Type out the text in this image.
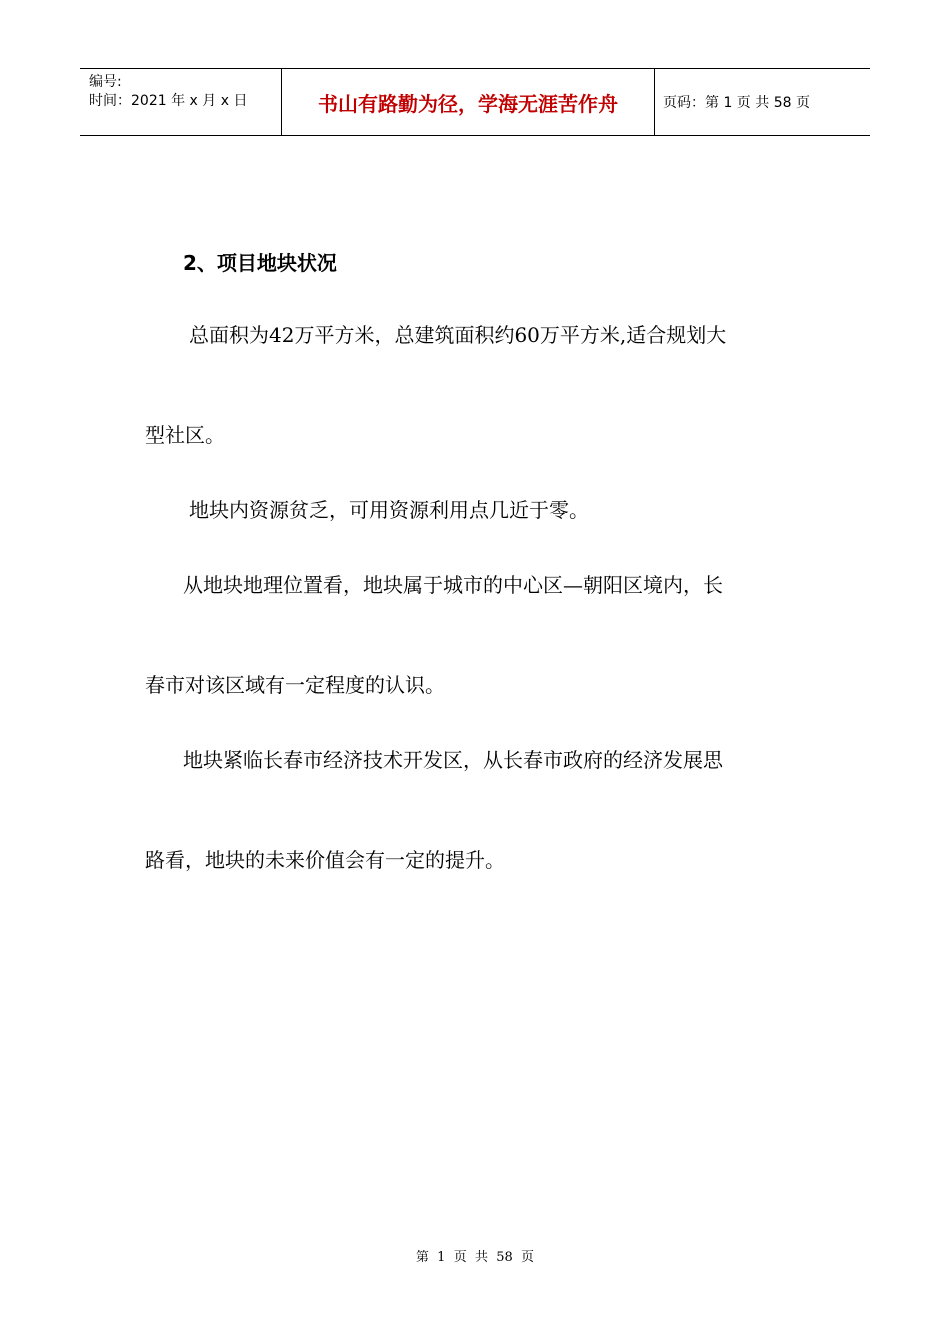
编号:
时间：2021 年 x 月 x 日	书山有路勤为径，学海无涯苦作舟	页码：第 1 页 共 58 页
2、项目地块状况
总面积为42万平方米，总建筑面积约60万平方米,适合规划大
型社区。
地块内资源贫乏，可用资源利用点几近于零。
从地块地理位置看，地块属于城市的中心区—朝阳区境内，长
春市对该区域有一定程度的认识。
地块紧临长春市经济技术开发区，从长春市政府的经济发展思
路看，地块的未来价值会有一定的提升。
第  1  页  共  58  页
